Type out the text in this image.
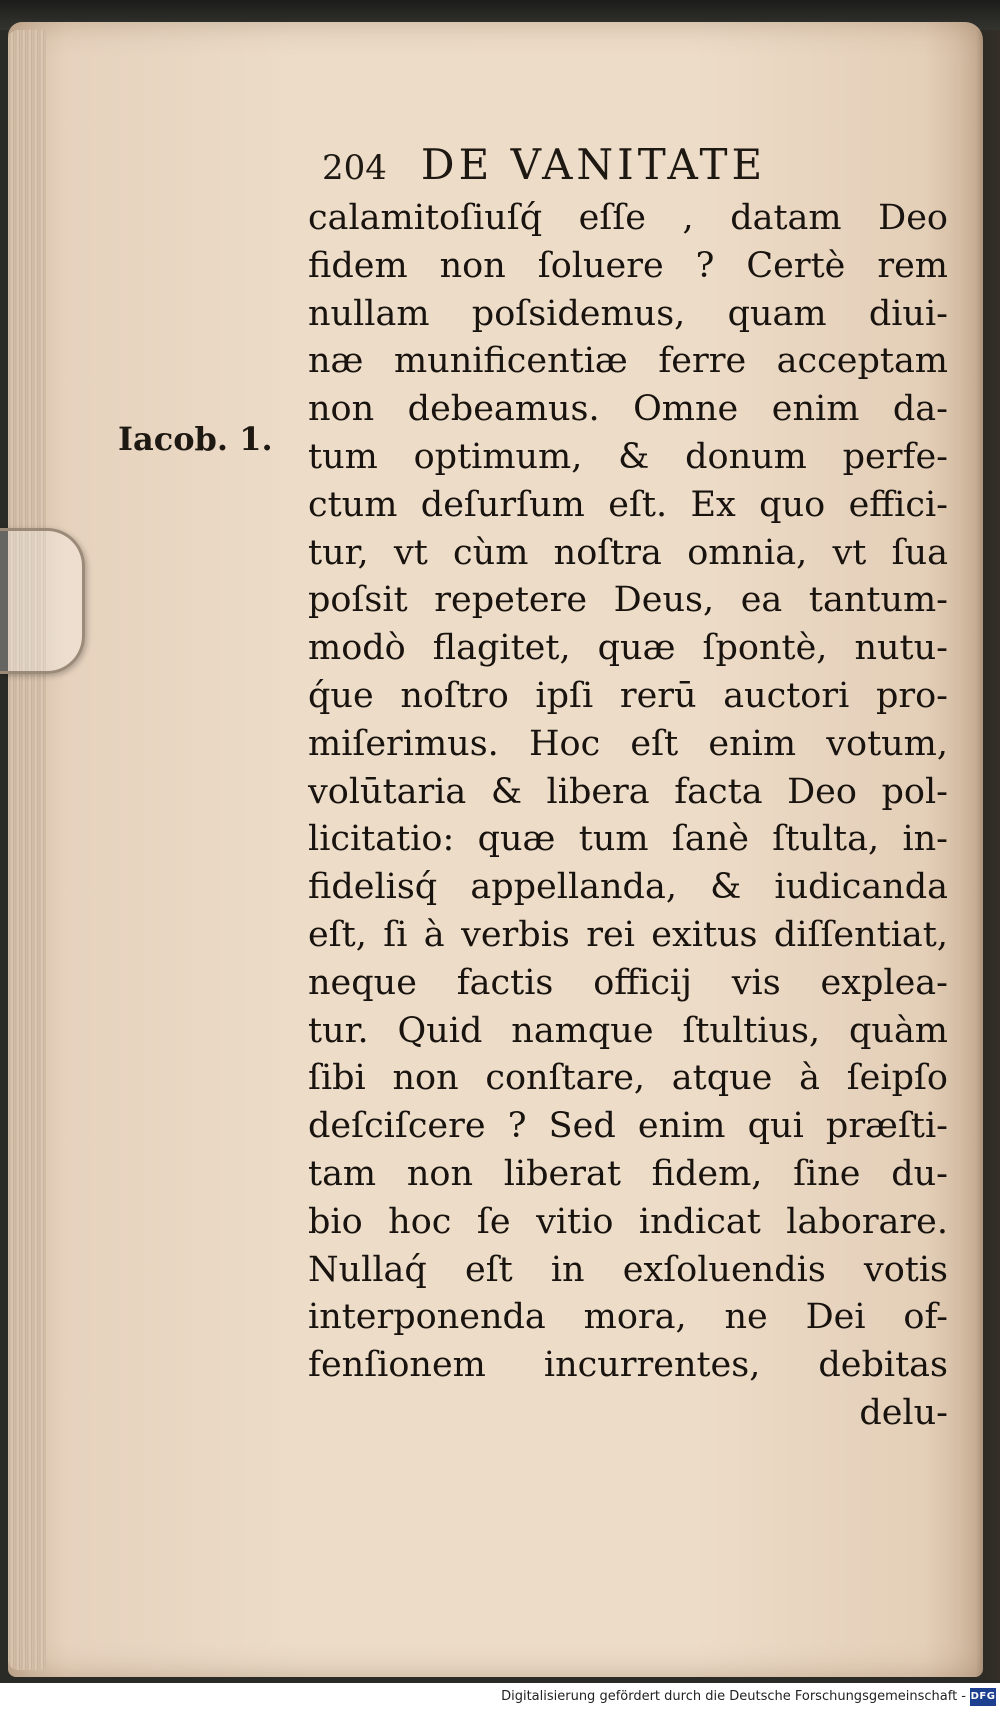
204 DE VANITATE
Iacob. 1.
calamitoſiuſq́ eſſe , datam Deo
fidem non ſoluere ? Certè rem
nullam poſsidemus, quam diui-
næ munificentiæ ferre acceptam
non debeamus. Omne enim da-
tum optimum, & donum perfe-
ctum deſurſum eſt. Ex quo effici-
tur, vt cùm noſtra omnia, vt ſua
poſsit repetere Deus, ea tantum-
modò flagitet, quæ ſpontè, nutu-
q́ue noſtro ipſi rerū auctori pro-
miſerimus. Hoc eſt enim votum,
volūtaria & libera facta Deo pol-
licitatio: quæ tum ſanè ſtulta, in-
fidelisq́ appellanda, & iudicanda
eſt, ſi à verbis rei exitus diſſentiat,
neque factis officij vis explea-
tur. Quid namque ſtultius, quàm
ſibi non conſtare, atque à ſeipſo
deſciſcere ? Sed enim qui præſti-
tam non liberat fidem, ſine du-
bio hoc ſe vitio indicat laborare.
Nullaq́ eſt in exſoluendis votis
interponenda mora, ne Dei of-
fenſionem incurrentes, debitas
delu-
Digitalisierung gefördert durch die Deutsche Forschungsgemeinschaft - DFG
